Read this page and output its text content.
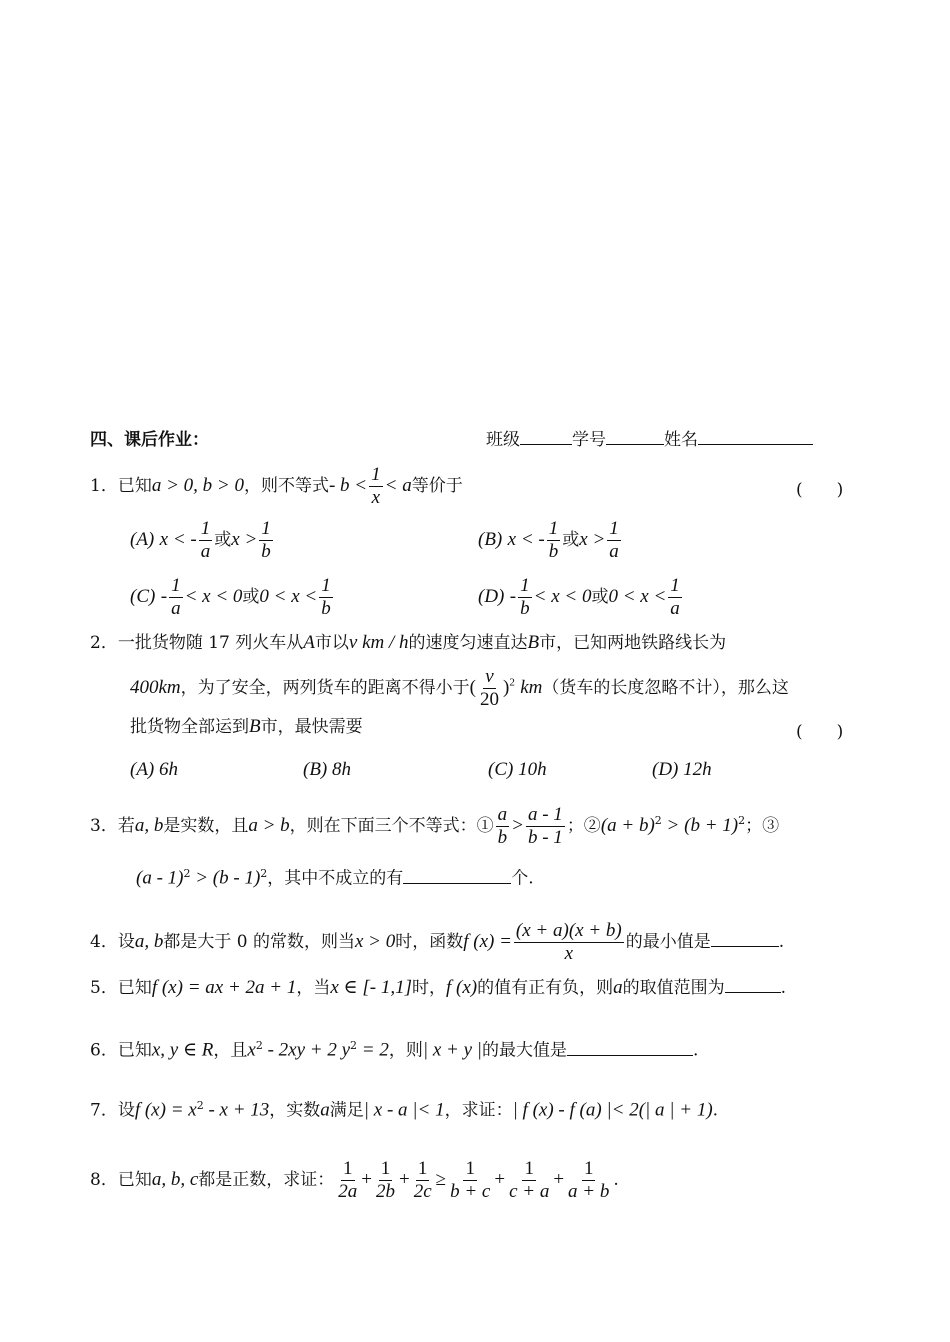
四、课后作业：	班级	学号	姓名
1．已知a > 0, b > 0，则不等式- $b < \frac{1}{x} < a$等价于	(　　)
(A) x < - $\frac{1}{a}$ 或$x > \frac{1}{b}$	(B) x < - $\frac{1}{b}$ 或$x > \frac{1}{a}$
$(C) - \frac{1}{a} < x < 0$或$0 < x < \frac{1}{b}$	$(D) - \frac{1}{b} < x < 0$或$0 < x < \frac{1}{a}$
2．一批货物随 17 列火车从A市以v km / h的速度匀速直达B市，已知两地铁路线长为
400km，为了安全，两列货车的距离不得小于( $\frac{v}{20} )^2$ km（货车的长度忽略不计），那么这
批货物全部运到B市，最快需要	(　　)
(A) 6h	(B) 8h	(C) 10h	(D) 12h
3．若a, b是实数，且a > b，则在下面三个不等式：① $\frac{a}{b} > \frac{a - 1}{b - 1}$ ；②(a + $b)^2 > (b + 1)^2$；③
(a - 1)$^2$ > (b - 1)$^2$，其中不成立的有	个.
4．设a, b都是大于 0 的常数，则当x > 0时，函数f $(x) = \frac{(x + a)(x + b)}{x}$ 的最小值是	.
5．已知f (x) = ax + 2a + 1，当x ∈ [- 1,1]时，f (x)的值有正有负，则a的取值范围为	.
6．已知x, y ∈ R，且$x^2 - 2xy + 2$ $y^2 = 2$，则| x + y |的最大值是	.
7．设f $(x) = x^2 - x + 13$，实数a满足| x - a |< 1，求证：| f (x) - f (a) |< 2(| a | + 1).
8．已知a, b, c都是正数，求证： $\frac{1}{2a} + \frac{1}{2b} + \frac{1}{2c} \ge \frac{1}{b + c} + \frac{1}{c + a} + \frac{1}{a + b}$ .
